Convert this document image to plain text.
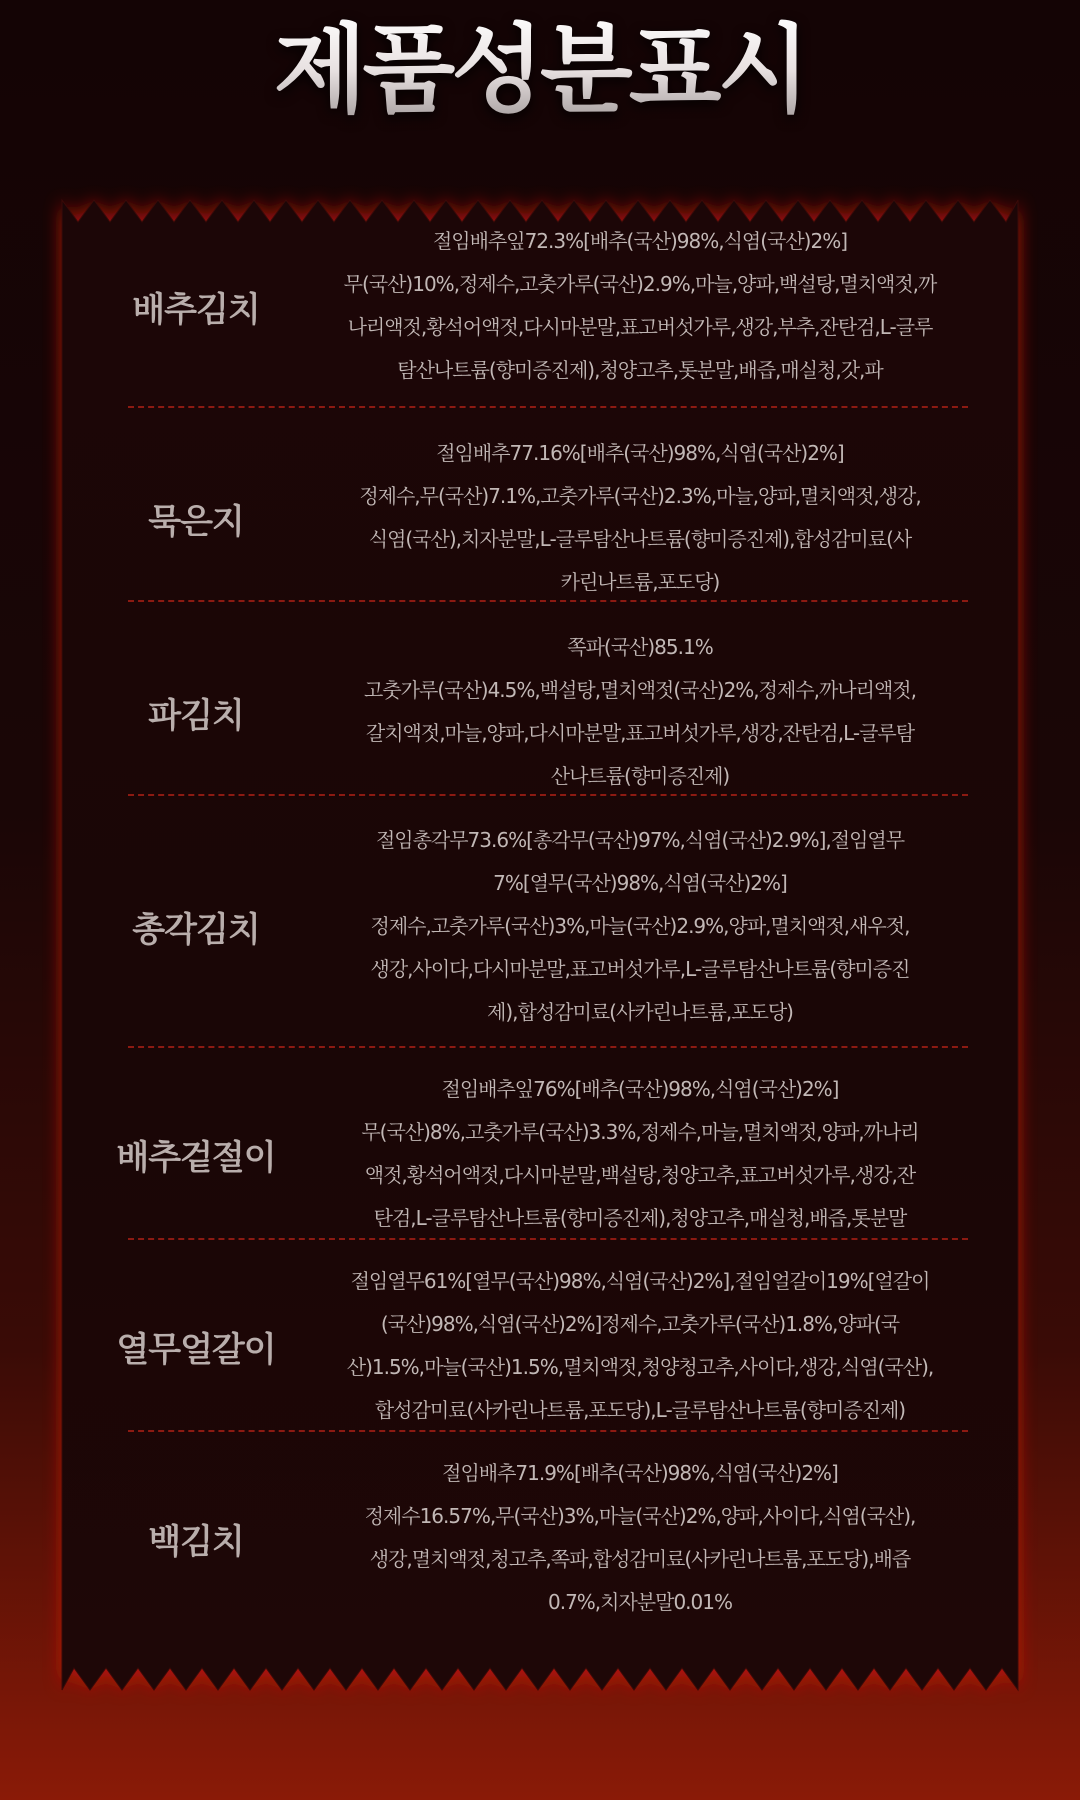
제품성분표시
배추김치
절임배추잎72.3%[배추(국산)98%,식염(국산)2%]
무(국산)10%,정제수,고춧가루(국산)2.9%,마늘,양파,백설탕,멸치액젓,까
나리액젓,황석어액젓,다시마분말,표고버섯가루,생강,부추,잔탄검,L-글루
탐산나트륨(향미증진제),청양고추,톳분말,배즙,매실청,갓,파
묵은지
절임배추77.16%[배추(국산)98%,식염(국산)2%]
정제수,무(국산)7.1%,고춧가루(국산)2.3%,마늘,양파,멸치액젓,생강,
식염(국산),치자분말,L-글루탐산나트륨(향미증진제),합성감미료(사
카린나트륨,포도당)
파김치
쪽파(국산)85.1%
고춧가루(국산)4.5%,백설탕,멸치액젓(국산)2%,정제수,까나리액젓,
갈치액젓,마늘,양파,다시마분말,표고버섯가루,생강,잔탄검,L-글루탐
산나트륨(향미증진제)
총각김치
절임총각무73.6%[총각무(국산)97%,식염(국산)2.9%],절임열무
7%[열무(국산)98%,식염(국산)2%]
정제수,고춧가루(국산)3%,마늘(국산)2.9%,양파,멸치액젓,새우젓,
생강,사이다,다시마분말,표고버섯가루,L-글루탐산나트륨(향미증진
제),합성감미료(사카린나트륨,포도당)
배추겉절이
절임배추잎76%[배추(국산)98%,식염(국산)2%]
무(국산)8%,고춧가루(국산)3.3%,정제수,마늘,멸치액젓,양파,까나리
액젓,황석어액젓,다시마분말,백설탕,청양고추,표고버섯가루,생강,잔
탄검,L-글루탐산나트륨(향미증진제),청양고추,매실청,배즙,톳분말
열무얼갈이
절임열무61%[열무(국산)98%,식염(국산)2%],절임얼갈이19%[얼갈이
(국산)98%,식염(국산)2%]정제수,고춧가루(국산)1.8%,양파(국
산)1.5%,마늘(국산)1.5%,멸치액젓,청양청고추,사이다,생강,식염(국산),
합성감미료(사카린나트륨,포도당),L-글루탐산나트륨(향미증진제)
백김치
절임배추71.9%[배추(국산)98%,식염(국산)2%]
정제수16.57%,무(국산)3%,마늘(국산)2%,양파,사이다,식염(국산),
생강,멸치액젓,청고추,쪽파,합성감미료(사카린나트륨,포도당),배즙
0.7%,치자분말0.01%
